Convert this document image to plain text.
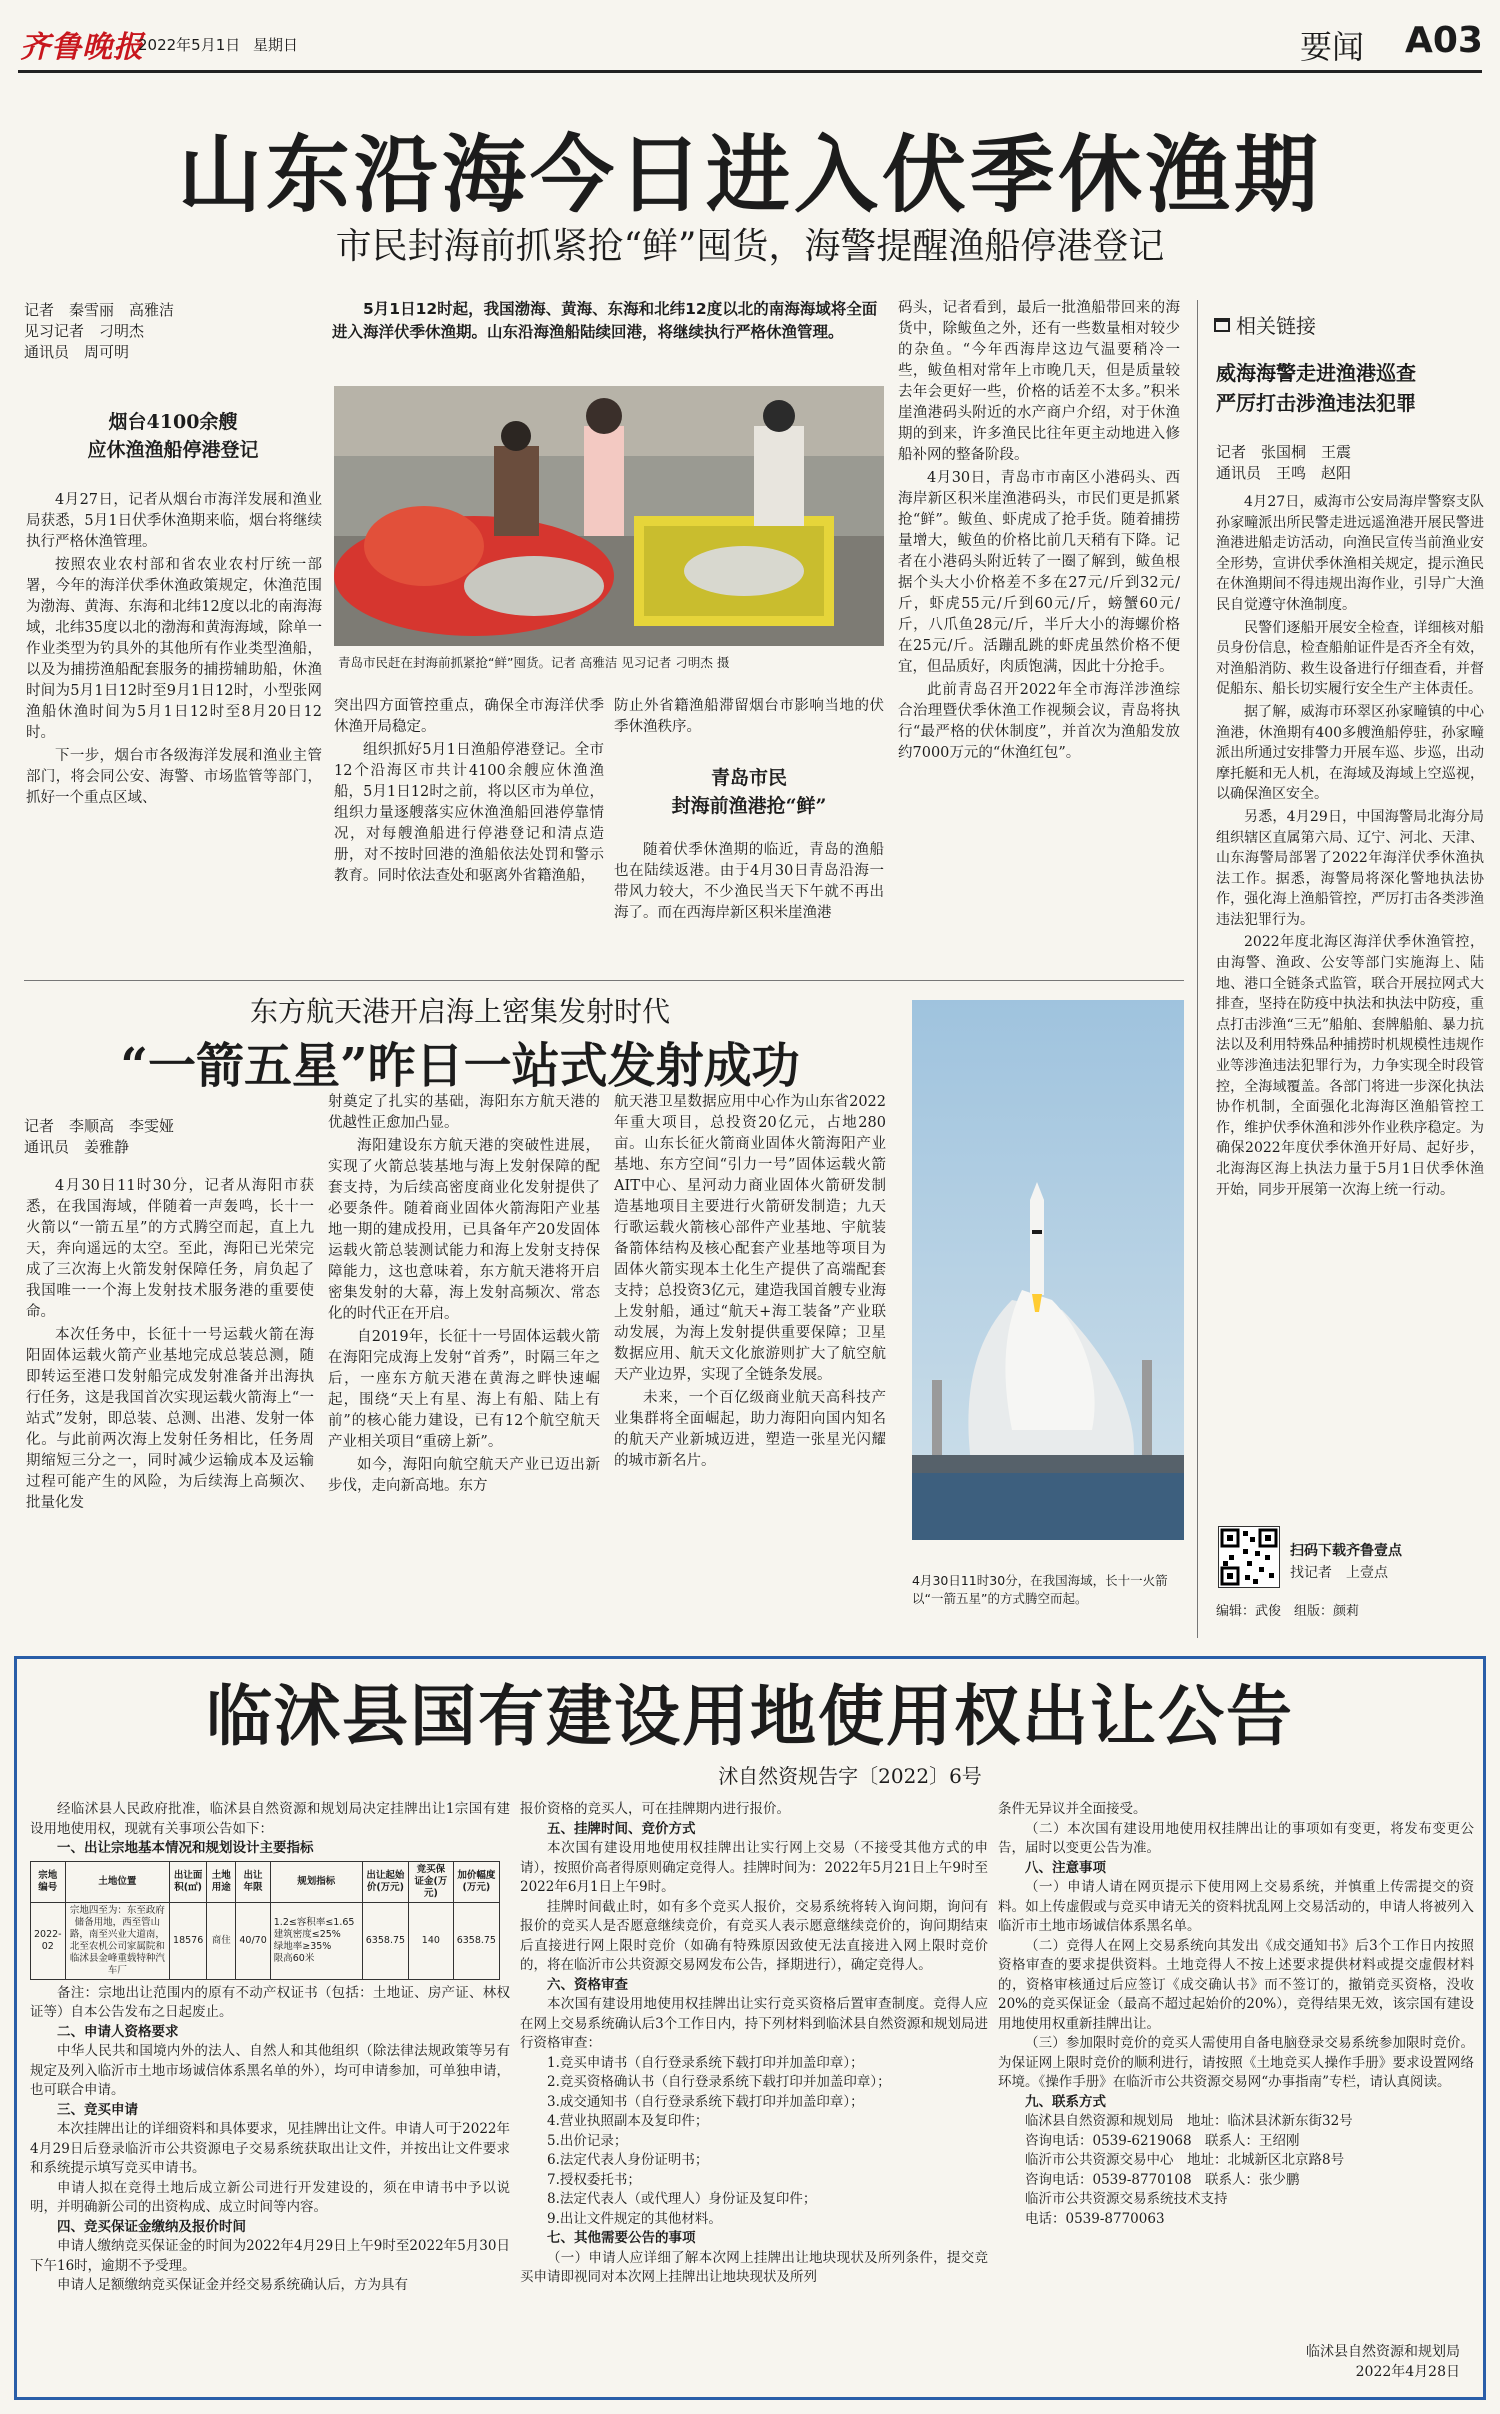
齐鲁晚报
2022年5月1日 星期日	要闻 A03
山东沿海今日进入伏季休渔期
市民封海前抓紧抢“鲜”囤货，海警提醒渔船停港登记
记者　秦雪丽　高雅洁
见习记者　刁明杰
通讯员　周可明
5月1日12时起，我国渤海、黄海、东海和北纬12度以北的南海海域将全面进入海洋伏季休渔期。山东沿海渔船陆续回港，将继续执行严格休渔管理。
青岛市民赶在封海前抓紧抢“鲜”囤货。记者 高雅洁 见习记者 刁明杰 摄
烟台4100余艘
应休渔渔船停港登记

4月27日，记者从烟台市海洋发展和渔业局获悉，5月1日伏季休渔期来临，烟台将继续执行严格休渔管理。

按照农业农村部和省农业农村厅统一部署，今年的海洋伏季休渔政策规定，休渔范围为渤海、黄海、东海和北纬12度以北的南海海域，北纬35度以北的渤海和黄海海域，除单一作业类型为钓具外的其他所有作业类型渔船，以及为捕捞渔船配套服务的捕捞辅助船，休渔时间为5月1日12时至9月1日12时，小型张网渔船休渔时间为5月1日12时至8月20日12时。

下一步，烟台市各级海洋发展和渔业主管部门，将会同公安、海警、市场监管等部门，抓好一个重点区域、

突出四方面管控重点，确保全市海洋伏季休渔开局稳定。

组织抓好5月1日渔船停港登记。全市12个沿海区市共计4100余艘应休渔渔船，5月1日12时之前，将以区市为单位，组织力量逐艘落实应休渔渔船回港停靠情况，对每艘渔船进行停港登记和清点造册，对不按时回港的渔船依法处罚和警示教育。同时依法查处和驱离外省籍渔船，

防止外省籍渔船滞留烟台市影响当地的伏季休渔秩序。

青岛市民
封海前渔港抢“鲜”

随着伏季休渔期的临近，青岛的渔船也在陆续返港。由于4月30日青岛沿海一带风力较大，不少渔民当天下午就不再出海了。而在西海岸新区积米崖渔港

码头，记者看到，最后一批渔船带回来的海货中，除鲅鱼之外，还有一些数量相对较少的杂鱼。“今年西海岸这边气温要稍冷一些，鲅鱼相对常年上市晚几天，但是质量较去年会更好一些，价格的话差不太多。”积米崖渔港码头附近的水产商户介绍，对于休渔期的到来，许多渔民比往年更主动地进入修船补网的整备阶段。

4月30日，青岛市市南区小港码头、西海岸新区积米崖渔港码头，市民们更是抓紧抢“鲜”。鲅鱼、虾虎成了抢手货。随着捕捞量增大，鲅鱼的价格比前几天稍有下降。记者在小港码头附近转了一圈了解到，鲅鱼根据个头大小价格差不多在27元/斤到32元/斤，虾虎55元/斤到60元/斤，螃蟹60元/斤，八爪鱼28元/斤，半斤大小的海螺价格在25元/斤。活蹦乱跳的虾虎虽然价格不便宜，但品质好，肉质饱满，因此十分抢手。

此前青岛召开2022年全市海洋涉渔综合治理暨伏季休渔工作视频会议，青岛将执行“最严格的伏休制度”，并首次为渔船发放约7000万元的“休渔红包”。

相关链接
威海海警走进渔港巡查
严厉打击涉渔违法犯罪
记者　张国桐　王震
通讯员　王鸣　赵阳

4月27日，威海市公安局海岸警察支队孙家疃派出所民警走进远遥渔港开展民警进渔港进船走访活动，向渔民宣传当前渔业安全形势，宣讲伏季休渔相关规定，提示渔民在休渔期间不得违规出海作业，引导广大渔民自觉遵守休渔制度。

民警们逐船开展安全检查，详细核对船员身份信息，检查船舶证件是否齐全有效，对渔船消防、救生设备进行仔细查看，并督促船东、船长切实履行安全生产主体责任。

据了解，威海市环翠区孙家疃镇的中心渔港，休渔期有400多艘渔船停驻，孙家疃派出所通过安排警力开展车巡、步巡，出动摩托艇和无人机，在海域及海域上空巡视，以确保渔区安全。

另悉，4月29日，中国海警局北海分局组织辖区直属第六局、辽宁、河北、天津、山东海警局部署了2022年海洋伏季休渔执法工作。据悉，海警局将深化警地执法协作，强化海上渔船管控，严厉打击各类涉渔违法犯罪行为。

2022年度北海区海洋伏季休渔管控，由海警、渔政、公安等部门实施海上、陆地、港口全链条式监管，联合开展拉网式大排查，坚持在防疫中执法和执法中防疫，重点打击涉渔“三无”船舶、套牌船舶、暴力抗法以及利用特殊品种捕捞时机规模性违规作业等涉渔违法犯罪行为，力争实现全时段管控，全海域覆盖。各部门将进一步深化执法协作机制，全面强化北海海区渔船管控工作，维护伏季休渔和涉外作业秩序稳定。为确保2022年度伏季休渔开好局、起好步，北海海区海上执法力量于5月1日伏季休渔开始，同步开展第一次海上统一行动。

扫码下载齐鲁壹点
找记者　上壹点
编辑：武俊　组版：颜莉
东方航天港开启海上密集发射时代
“一箭五星”昨日一站式发射成功
记者　李顺高　李雯娅
通讯员　姜雅静

4月30日11时30分，记者从海阳市获悉，在我国海域，伴随着一声轰鸣，长十一火箭以“一箭五星”的方式腾空而起，直上九天，奔向遥远的太空。至此，海阳已光荣完成了三次海上火箭发射保障任务，肩负起了我国唯一一个海上发射技术服务港的重要使命。

本次任务中，长征十一号运载火箭在海阳固体运载火箭产业基地完成总装总测，随即转运至港口发射船完成发射准备并出海执行任务，这是我国首次实现运载火箭海上“一站式”发射，即总装、总测、出港、发射一体化。与此前两次海上发射任务相比，任务周期缩短三分之一，同时减少运输成本及运输过程可能产生的风险，为后续海上高频次、批量化发

射奠定了扎实的基础，海阳东方航天港的优越性正愈加凸显。

海阳建设东方航天港的突破性进展，实现了火箭总装基地与海上发射保障的配套支持，为后续高密度商业化发射提供了必要条件。随着商业固体火箭海阳产业基地一期的建成投用，已具备年产20发固体运载火箭总装测试能力和海上发射支持保障能力，这也意味着，东方航天港将开启密集发射的大幕，海上发射高频次、常态化的时代正在开启。

自2019年，长征十一号固体运载火箭在海阳完成海上发射“首秀”，时隔三年之后，一座东方航天港在黄海之畔快速崛起，围绕“天上有星、海上有船、陆上有前”的核心能力建设，已有12个航空航天产业相关项目“重磅上新”。

如今，海阳向航空航天产业已迈出新步伐，走向新高地。东方

航天港卫星数据应用中心作为山东省2022年重大项目，总投资20亿元，占地280亩。山东长征火箭商业固体火箭海阳产业基地、东方空间“引力一号”固体运载火箭AIT中心、星河动力商业固体火箭研发制造基地项目主要进行火箭研发制造；九天行歌运载火箭核心部件产业基地、宇航装备箭体结构及核心配套产业基地等项目为固体火箭实现本土化生产提供了高端配套支持；总投资3亿元，建造我国首艘专业海上发射船，通过“航天+海工装备”产业联动发展，为海上发射提供重要保障；卫星数据应用、航天文化旅游则扩大了航空航天产业边界，实现了全链条发展。

未来，一个百亿级商业航天高科技产业集群将全面崛起，助力海阳向国内知名的航天产业新城迈进，塑造一张星光闪耀的城市新名片。

4月30日11时30分，在我国海域，长十一火箭以“一箭五星”的方式腾空而起。
临沭县国有建设用地使用权出让公告
沭自然资规告字〔2022〕6号

经临沭县人民政府批准，临沭县自然资源和规划局决定挂牌出让1宗国有建设用地使用权，现就有关事项公告如下：

一、出让宗地基本情况和规划设计主要指标

宗地编号	土地位置	出让面积(㎡)	土地用途	出让年限	规划指标	出让起始价(万元)	竞买保证金(万元)	加价幅度(万元)
2022-02	宗地四至为：东至政府储备用地，西至管山路，南至兴业大道南，北至农机公司家属院和临沭县金峰重载特种汽车厂	18576	商住	40/70	1.2≤容积率≤1.65
建筑密度≤25%
绿地率≥35%
限高60米	6358.75	140	6358.75

备注：宗地出让范围内的原有不动产权证书（包括：土地证、房产证、林权证等）自本公告发布之日起废止。

二、申请人资格要求

中华人民共和国境内外的法人、自然人和其他组织（除法律法规政策等另有规定及列入临沂市土地市场诚信体系黑名单的外），均可申请参加，可单独申请，也可联合申请。

三、竞买申请

本次挂牌出让的详细资料和具体要求，见挂牌出让文件。申请人可于2022年4月29日后登录临沂市公共资源电子交易系统获取出让文件，并按出让文件要求和系统提示填写竞买申请书。

申请人拟在竞得土地后成立新公司进行开发建设的，须在申请书中予以说明，并明确新公司的出资构成、成立时间等内容。

四、竞买保证金缴纳及报价时间

申请人缴纳竞买保证金的时间为2022年4月29日上午9时至2022年5月30日下午16时，逾期不予受理。

申请人足额缴纳竞买保证金并经交易系统确认后，方为具有

报价资格的竞买人，可在挂牌期内进行报价。

五、挂牌时间、竞价方式

本次国有建设用地使用权挂牌出让实行网上交易（不接受其他方式的申请），按照价高者得原则确定竞得人。挂牌时间为：2022年5月21日上午9时至2022年6月1日上午9时。

挂牌时间截止时，如有多个竞买人报价，交易系统将转入询问期，询问有报价的竞买人是否愿意继续竞价，有竞买人表示愿意继续竞价的，询问期结束后直接进行网上限时竞价（如确有特殊原因致使无法直接进入网上限时竞价的，将在临沂市公共资源交易网发布公告，择期进行），确定竞得人。

六、资格审查

本次国有建设用地使用权挂牌出让实行竞买资格后置审查制度。竞得人应在网上交易系统确认后3个工作日内，持下列材料到临沭县自然资源和规划局进行资格审查：

1.竞买申请书（自行登录系统下载打印并加盖印章）；

2.竞买资格确认书（自行登录系统下载打印并加盖印章）；

3.成交通知书（自行登录系统下载打印并加盖印章）；

4.营业执照副本及复印件；

5.出价记录；

6.法定代表人身份证明书；

7.授权委托书；

8.法定代表人（或代理人）身份证及复印件；

9.出让文件规定的其他材料。

七、其他需要公告的事项

（一）申请人应详细了解本次网上挂牌出让地块现状及所列条件，提交竞买申请即视同对本次网上挂牌出让地块现状及所列

条件无异议并全面接受。

（二）本次国有建设用地使用权挂牌出让的事项如有变更，将发布变更公告，届时以变更公告为准。

八、注意事项

（一）申请人请在网页提示下使用网上交易系统，并慎重上传需提交的资料。如上传虚假或与竞买申请无关的资料扰乱网上交易活动的，申请人将被列入临沂市土地市场诚信体系黑名单。

（二）竞得人在网上交易系统向其发出《成交通知书》后3个工作日内按照资格审查的要求提供资料。土地竞得人不按上述要求提供材料或提交虚假材料的，资格审核通过后应签订《成交确认书》而不签订的，撤销竞买资格，没收20%的竞买保证金（最高不超过起始价的20%），竞得结果无效，该宗国有建设用地使用权重新挂牌出让。

（三）参加限时竞价的竞买人需使用自备电脑登录交易系统参加限时竞价。为保证网上限时竞价的顺利进行，请按照《土地竞买人操作手册》要求设置网络环境。《操作手册》在临沂市公共资源交易网“办事指南”专栏，请认真阅读。

九、联系方式

临沭县自然资源和规划局　地址：临沭县沭新东街32号

咨询电话：0539-6219068　联系人：王绍刚

临沂市公共资源交易中心　地址：北城新区北京路8号

咨询电话：0539-8770108　联系人：张少鹏

临沂市公共资源交易系统技术支持

电话：0539-8770063

临沭县自然资源和规划局
2022年4月28日
